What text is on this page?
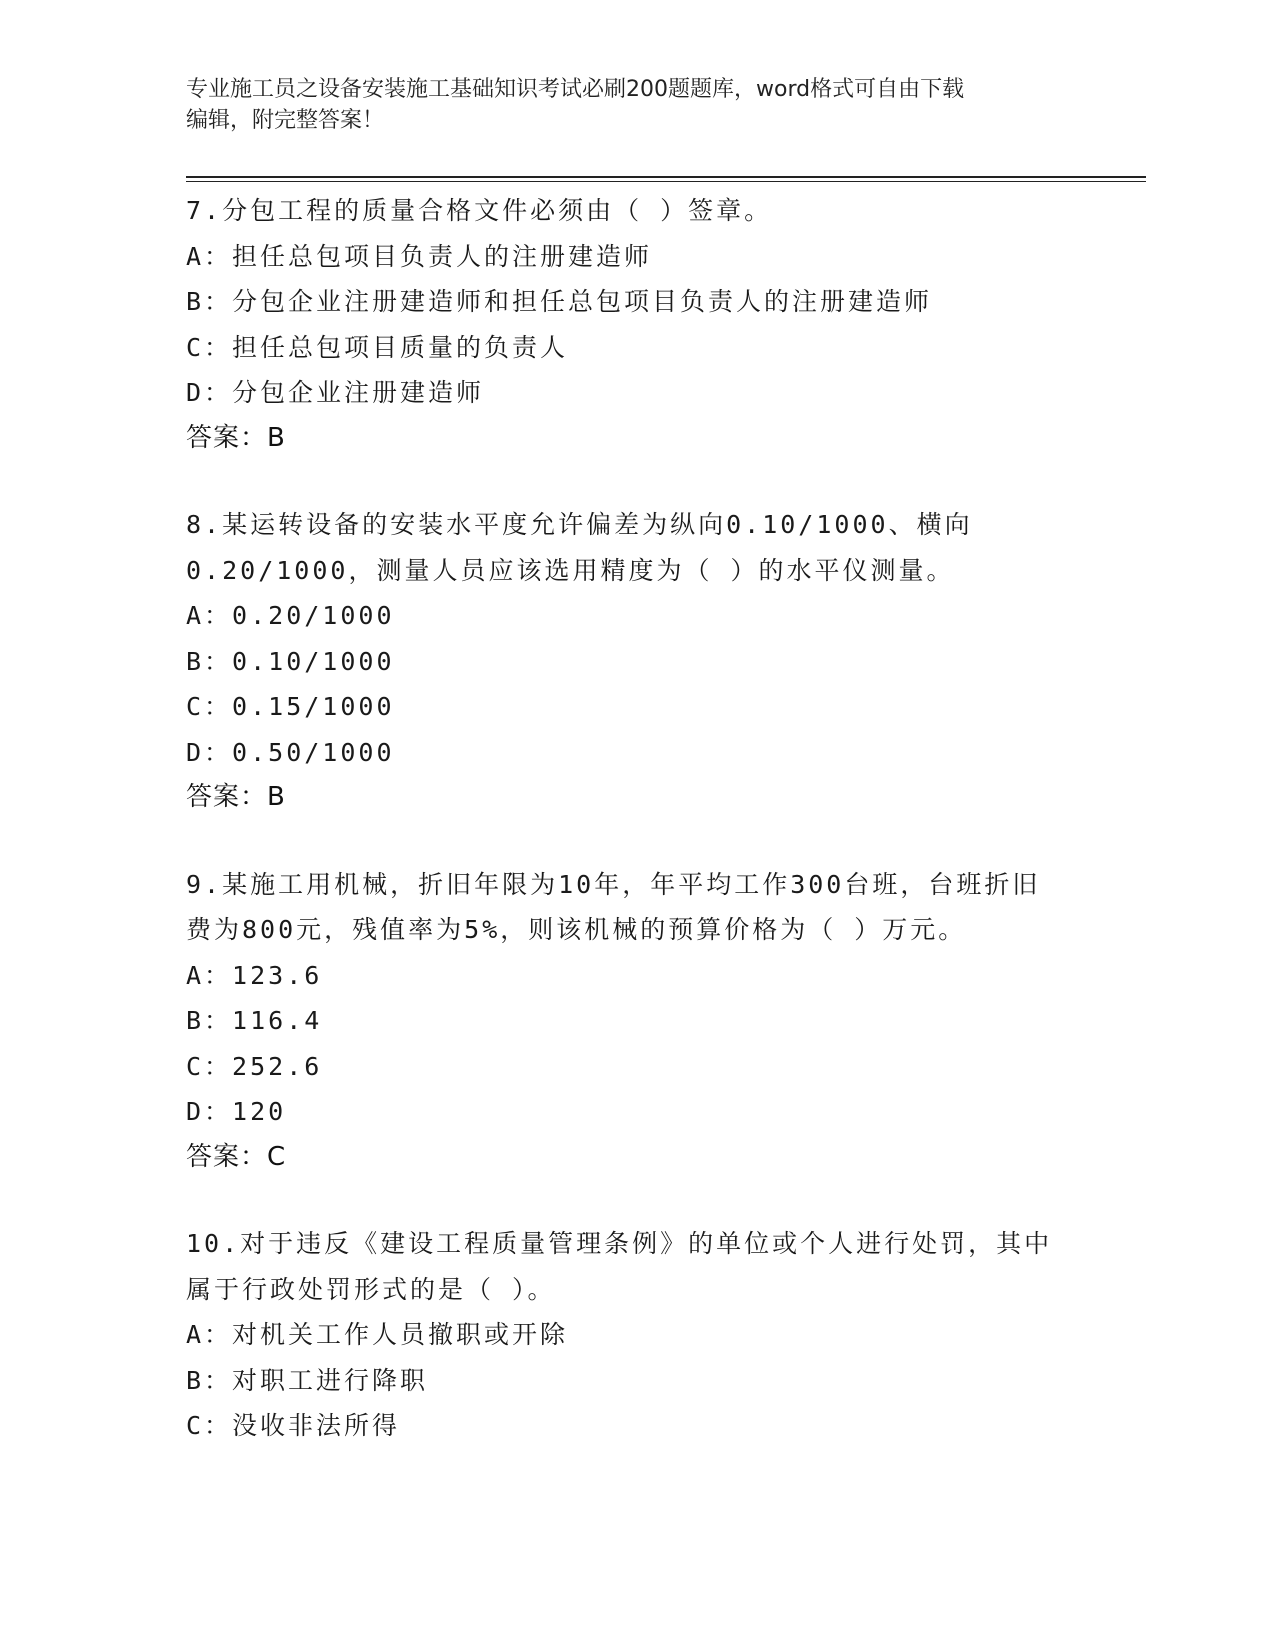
专业施工员之设备安装施工基础知识考试必刷200题题库，word格式可自由下载
编辑，附完整答案！
7.分包工程的质量合格文件必须由（ ）签章。
A：担任总包项目负责人的注册建造师
B：分包企业注册建造师和担任总包项目负责人的注册建造师
C：担任总包项目质量的负责人
D：分包企业注册建造师
答案：B
8.某运转设备的安装水平度允许偏差为纵向0.10/1000、横向
0.20/1000，测量人员应该选用精度为（ ）的水平仪测量。
A：0.20/1000
B：0.10/1000
C：0.15/1000
D：0.50/1000
答案：B
9.某施工用机械，折旧年限为10年，年平均工作300台班，台班折旧
费为800元，残值率为5%，则该机械的预算价格为（ ）万元。
A：123.6
B：116.4
C：252.6
D：120
答案：C
10.对于违反《建设工程质量管理条例》的单位或个人进行处罚，其中
属于行政处罚形式的是（ ）。
A：对机关工作人员撤职或开除
B：对职工进行降职
C：没收非法所得
